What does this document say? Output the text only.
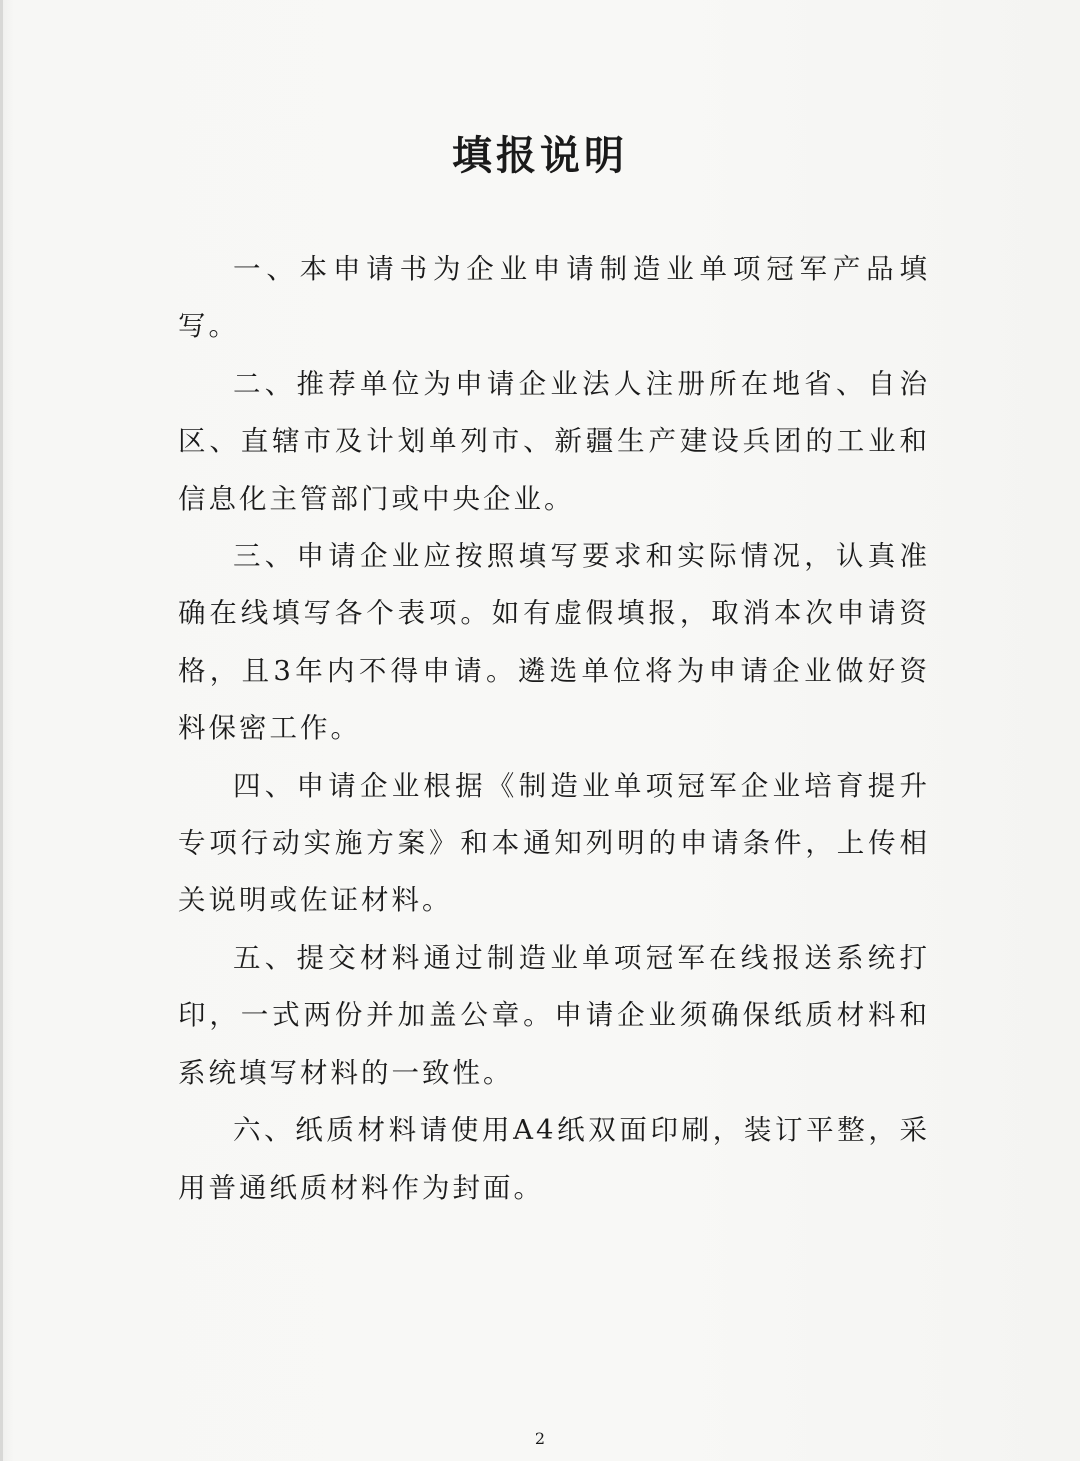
填报说明

一、本申请书为企业申请制造业单项冠军产品填写。

二、推荐单位为申请企业法人注册所在地省、自治区、直辖市及计划单列市、新疆生产建设兵团的工业和信息化主管部门或中央企业。

三、申请企业应按照填写要求和实际情况，认真准确在线填写各个表项。如有虚假填报，取消本次申请资格，且3年内不得申请。遴选单位将为申请企业做好资料保密工作。

四、申请企业根据《制造业单项冠军企业培育提升专项行动实施方案》和本通知列明的申请条件，上传相关说明或佐证材料。

五、提交材料通过制造业单项冠军在线报送系统打印，一式两份并加盖公章。申请企业须确保纸质材料和系统填写材料的一致性。

六、纸质材料请使用A4纸双面印刷，装订平整，采用普通纸质材料作为封面。

2
